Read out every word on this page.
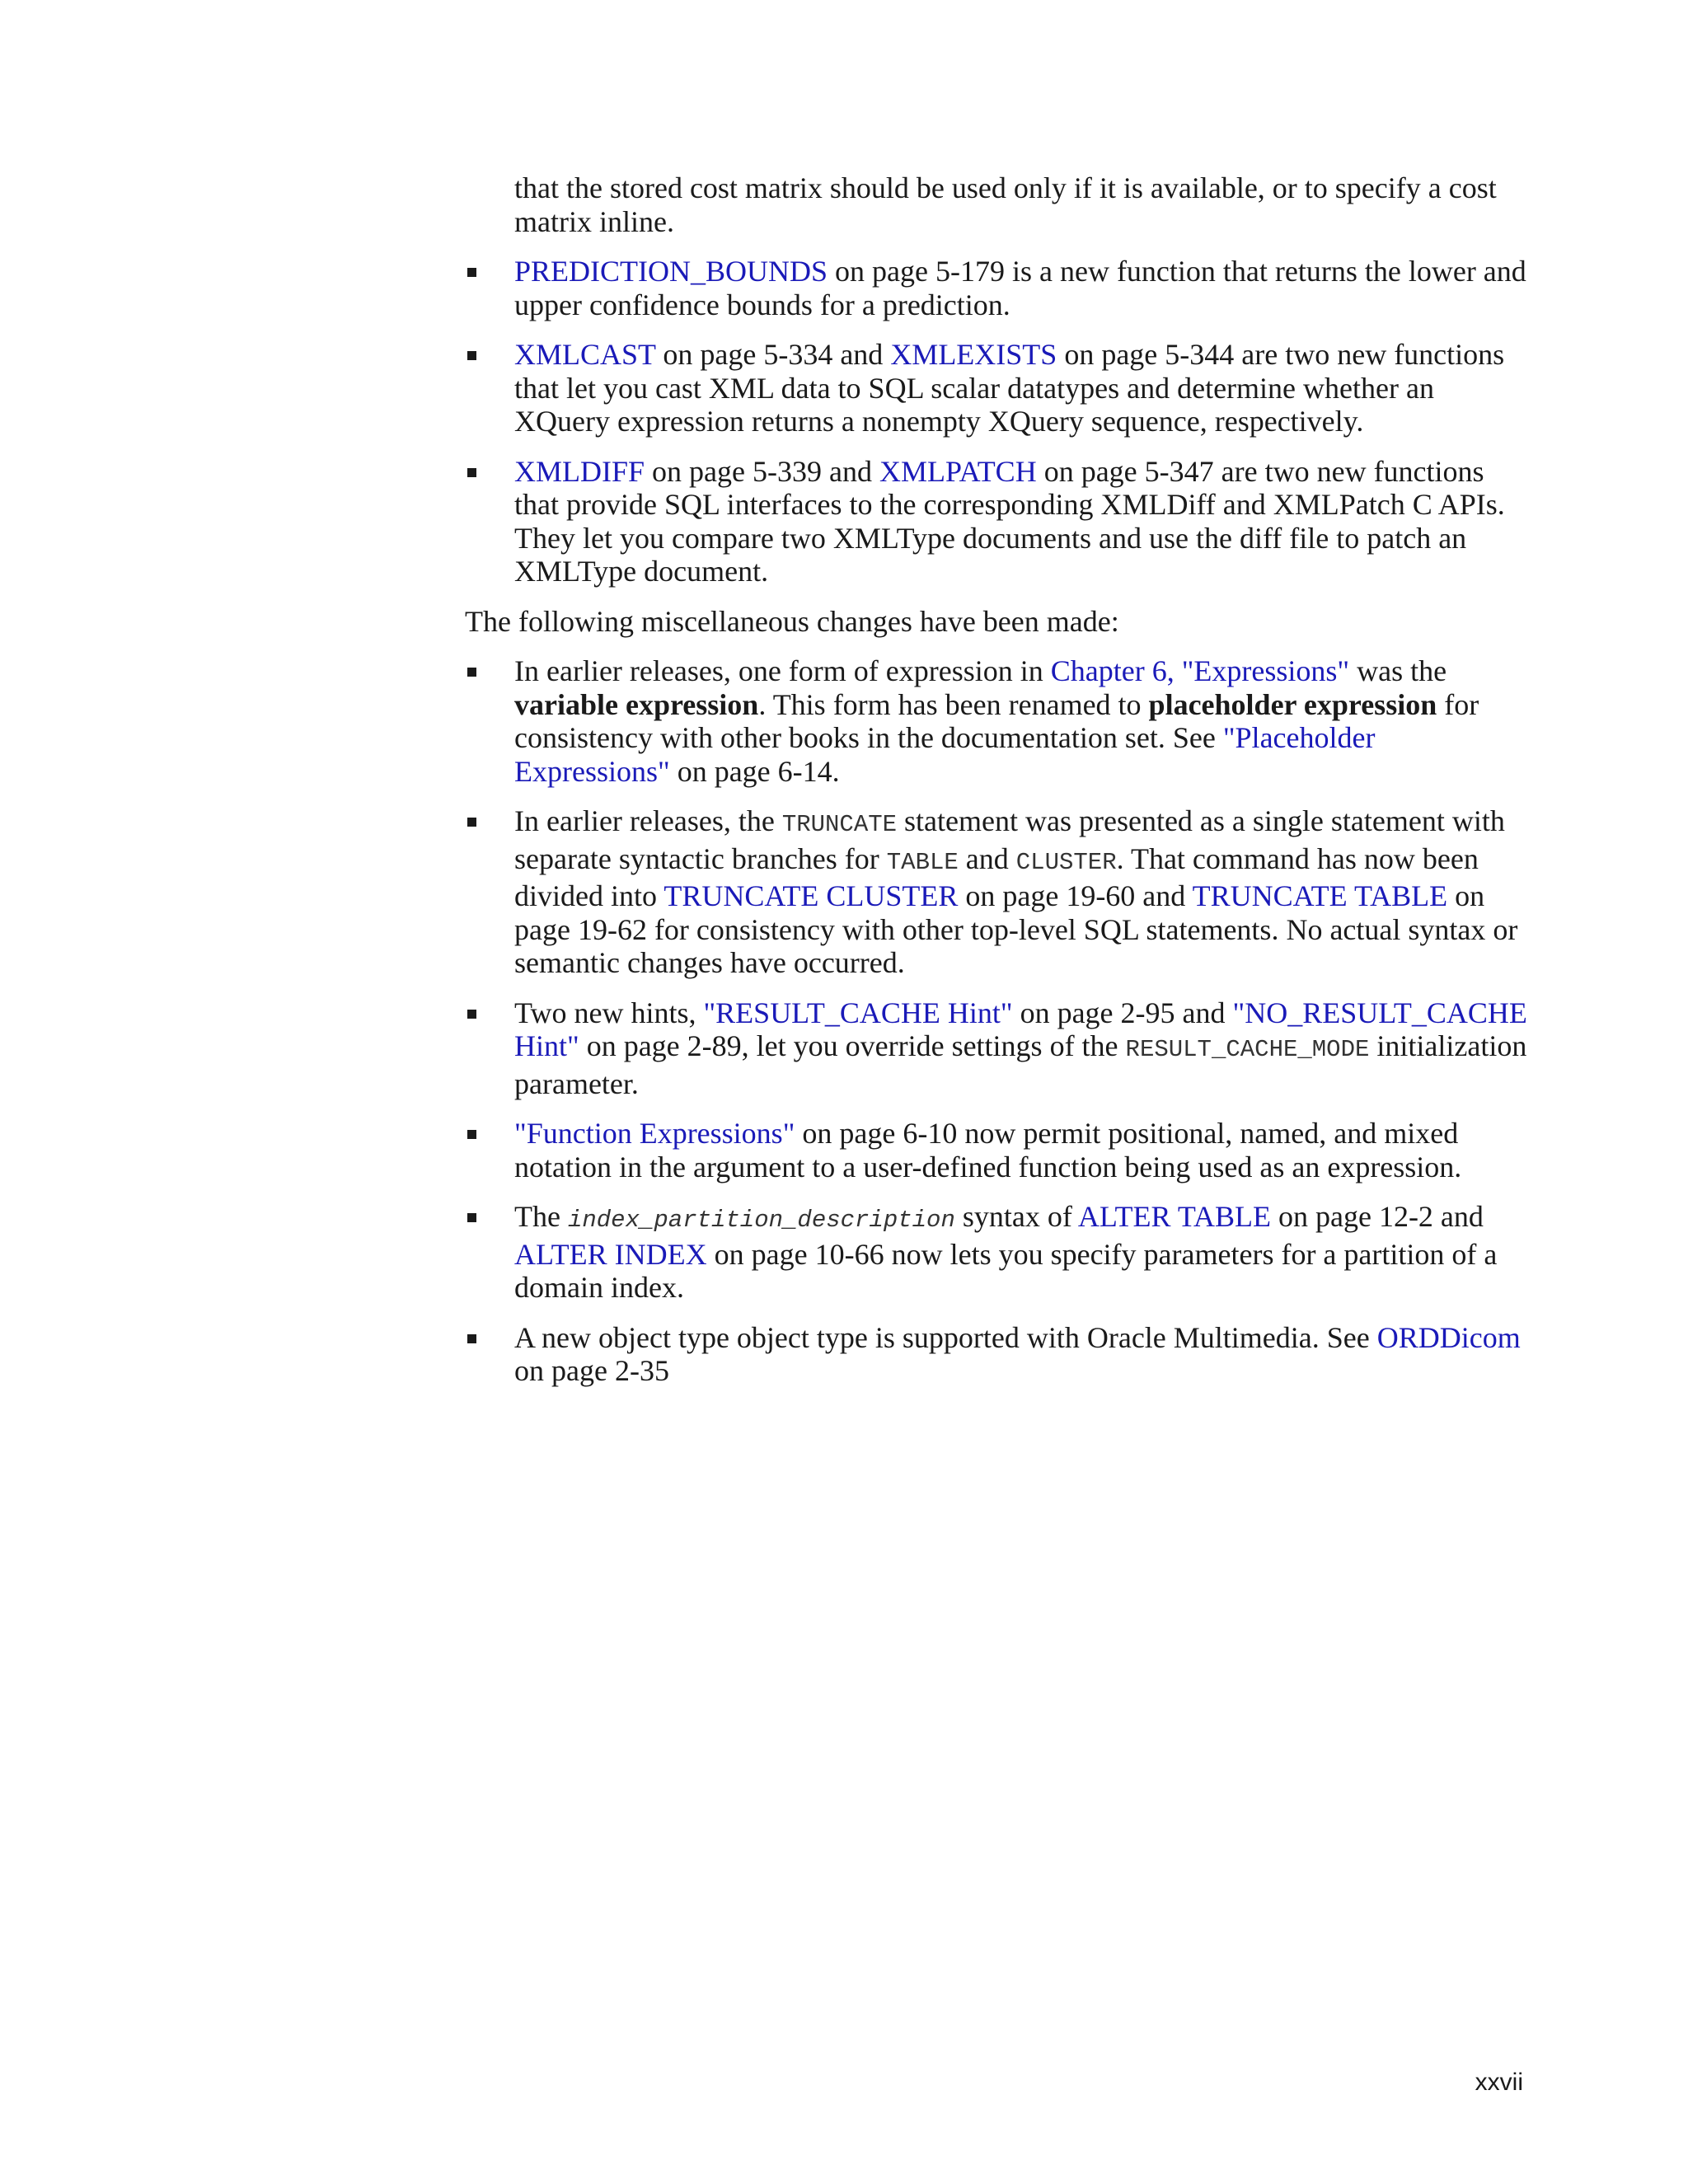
that the stored cost matrix should be used only if it is available, or to specify a cost matrix inline.

PREDICTION_BOUNDS on page 5-179 is a new function that returns the lower and upper confidence bounds for a prediction.
XMLCAST on page 5-334 and XMLEXISTS on page 5-344 are two new functions that let you cast XML data to SQL scalar datatypes and determine whether an XQuery expression returns a nonempty XQuery sequence, respectively.
XMLDIFF on page 5-339 and XMLPATCH on page 5-347 are two new functions that provide SQL interfaces to the corresponding XMLDiff and XMLPatch C APIs. They let you compare two XMLType documents and use the diff file to patch an XMLType document.

The following miscellaneous changes have been made:

In earlier releases, one form of expression in Chapter 6, "Expressions" was the variable expression. This form has been renamed to placeholder expression for consistency with other books in the documentation set. See "Placeholder Expressions" on page 6-14.
In earlier releases, the TRUNCATE statement was presented as a single statement with separate syntactic branches for TABLE and CLUSTER. That command has now been divided into TRUNCATE CLUSTER on page 19-60 and TRUNCATE TABLE on page 19-62 for consistency with other top-level SQL statements. No actual syntax or semantic changes have occurred.
Two new hints, "RESULT_CACHE Hint" on page 2-95 and "NO_RESULT_CACHE Hint" on page 2-89, let you override settings of the RESULT_CACHE_MODE initialization parameter.
"Function Expressions" on page 6-10 now permit positional, named, and mixed notation in the argument to a user-defined function being used as an expression.
The index_partition_description syntax of ALTER TABLE on page 12-2 and ALTER INDEX on page 10-66 now lets you specify parameters for a partition of a domain index.
A new object type object type is supported with Oracle Multimedia. See ORDDicom on page 2-35
xxvii
